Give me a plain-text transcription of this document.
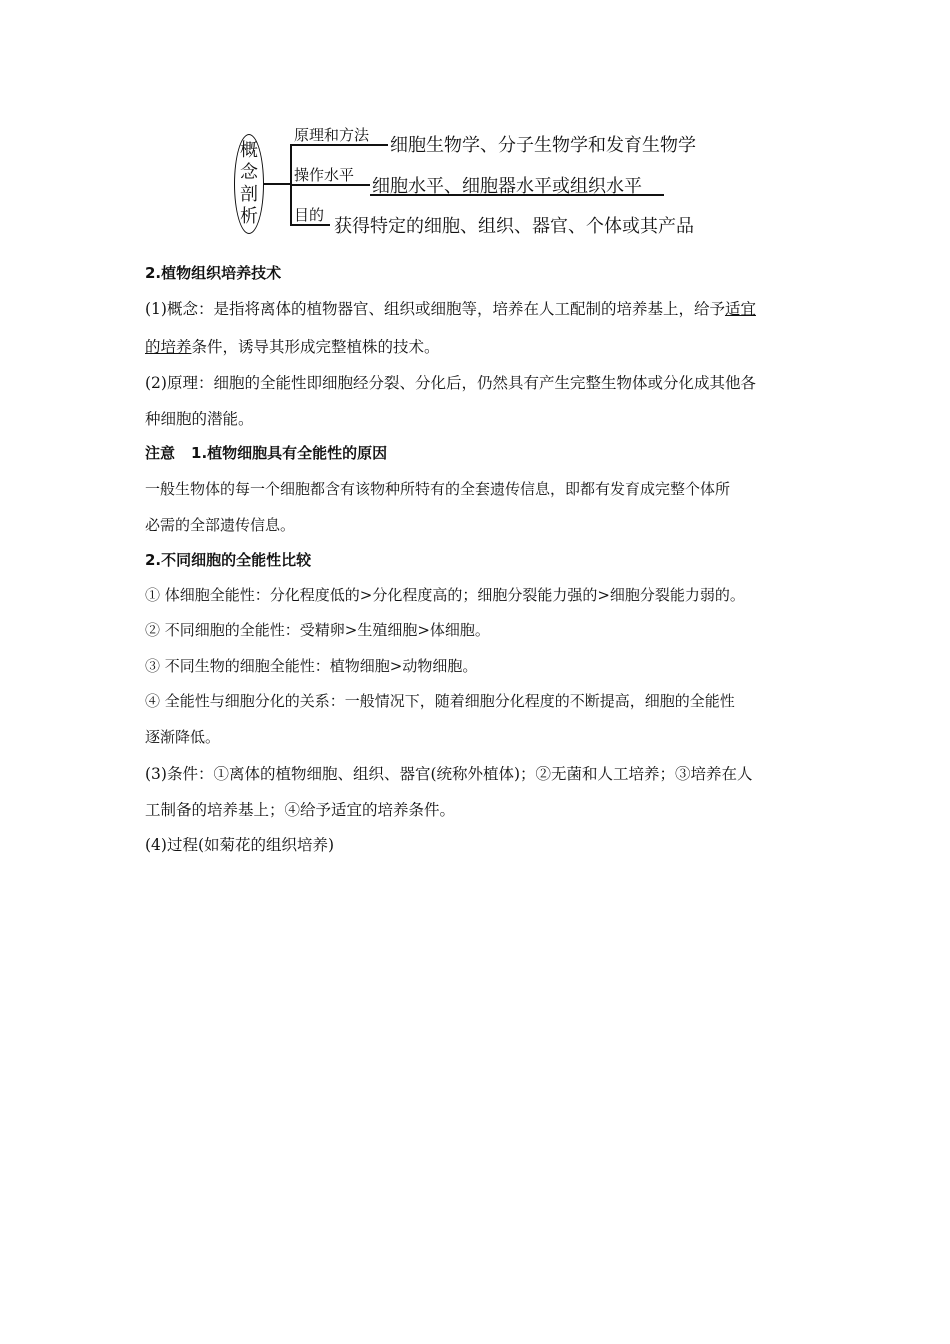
概
念
剖
析
原理和方法 细胞生物学、分子生物学和发育生物学
操作水平
细胞水平、细胞器水平或组织水平
目的
获得特定的细胞、组织、器官、个体或其产品
2.植物组织培养技术
(1)概念：是指将离体的植物器官、组织或细胞等，培养在人工配制的培养基上，给予适宜
的培养条件，诱导其形成完整植株的技术。
(2)原理：细胞的全能性即细胞经分裂、分化后，仍然具有产生完整生物体或分化成其他各
种细胞的潜能。
注意 1.植物细胞具有全能性的原因
一般生物体的每一个细胞都含有该物种所特有的全套遗传信息，即都有发育成完整个体所
必需的全部遗传信息。
2.不同细胞的全能性比较
① 体细胞全能性：分化程度低的>分化程度高的；细胞分裂能力强的>细胞分裂能力弱的。
② 不同细胞的全能性：受精卵>生殖细胞>体细胞。
③ 不同生物的细胞全能性：植物细胞>动物细胞。
④ 全能性与细胞分化的关系：一般情况下，随着细胞分化程度的不断提高，细胞的全能性
逐渐降低。
(3)条件：①离体的植物细胞、组织、器官(统称外植体)；②无菌和人工培养；③培养在人
工制备的培养基上；④给予适宜的培养条件。
(4)过程(如菊花的组织培养)
